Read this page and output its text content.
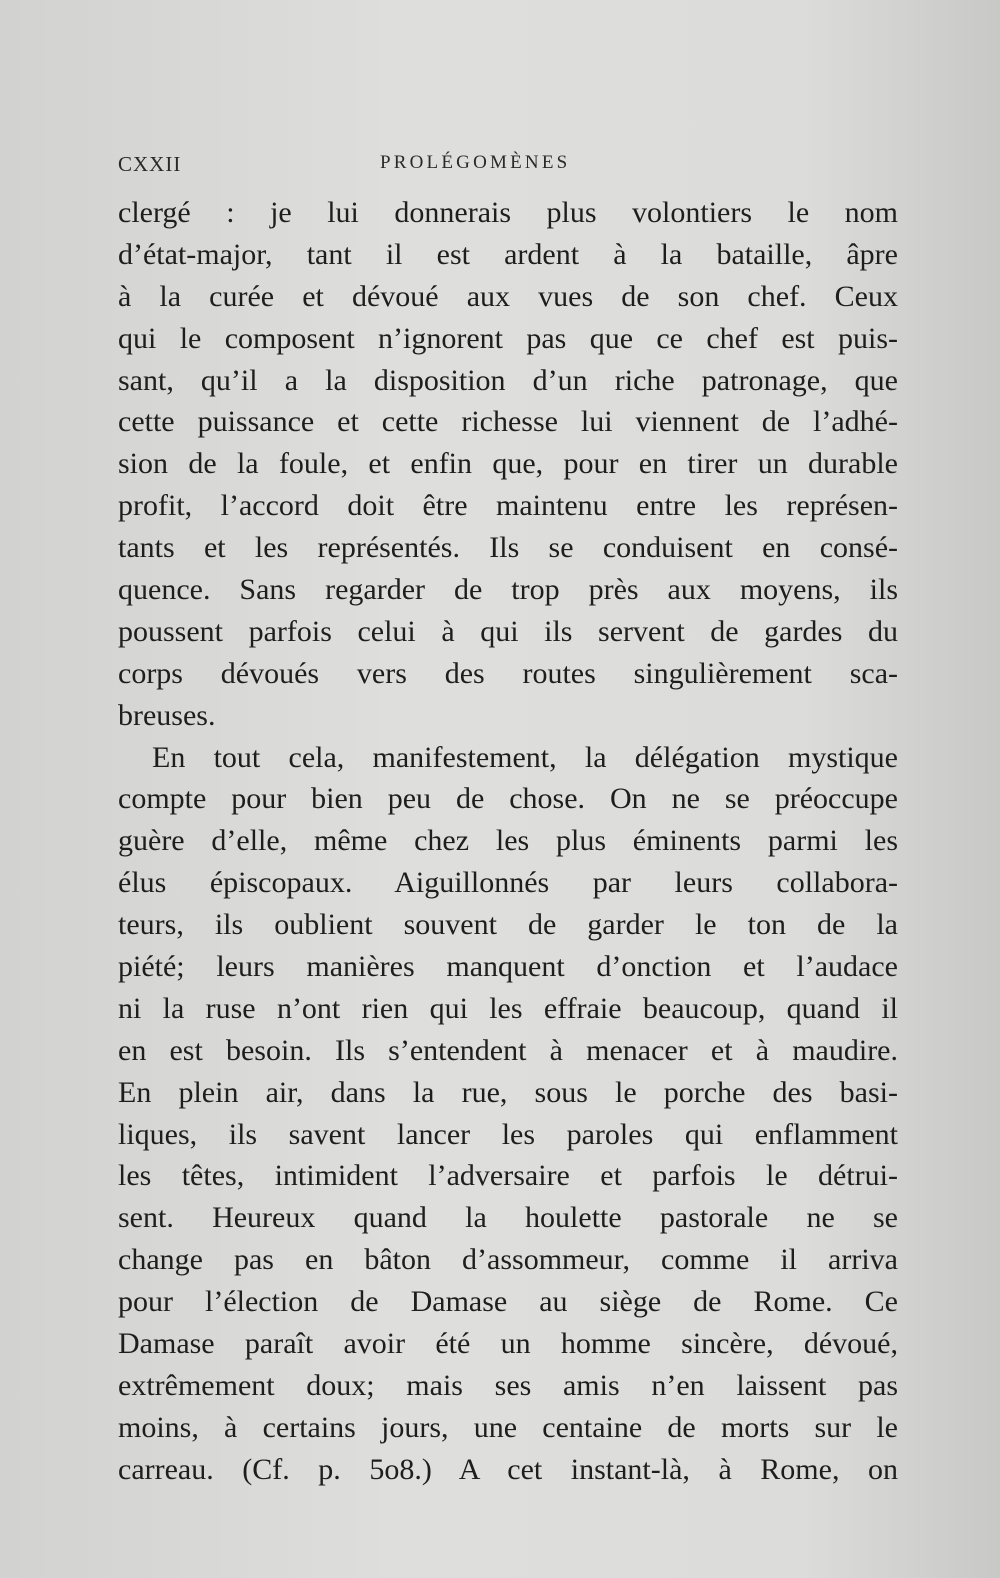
CXXII	PROLÉGOMÈNES
clergé : je lui donnerais plus volontiers le nom
d’état-major, tant il est ardent à la bataille, âpre
à la curée et dévoué aux vues de son chef. Ceux
qui le composent n’ignorent pas que ce chef est puis-
sant, qu’il a la disposition d’un riche patronage, que
cette puissance et cette richesse lui viennent de l’adhé-
sion de la foule, et enfin que, pour en tirer un durable
profit, l’accord doit être maintenu entre les représen-
tants et les représentés. Ils se conduisent en consé-
quence. Sans regarder de trop près aux moyens, ils
poussent parfois celui à qui ils servent de gardes du
corps dévoués vers des routes singulièrement sca-
breuses.
En tout cela, manifestement, la délégation mystique
compte pour bien peu de chose. On ne se préoccupe
guère d’elle, même chez les plus éminents parmi les
élus épiscopaux. Aiguillonnés par leurs collabora-
teurs, ils oublient souvent de garder le ton de la
piété; leurs manières manquent d’onction et l’audace
ni la ruse n’ont rien qui les effraie beaucoup, quand il
en est besoin. Ils s’entendent à menacer et à maudire.
En plein air, dans la rue, sous le porche des basi-
liques, ils savent lancer les paroles qui enflamment
les têtes, intimident l’adversaire et parfois le détrui-
sent. Heureux quand la houlette pastorale ne se
change pas en bâton d’assommeur, comme il arriva
pour l’élection de Damase au siège de Rome. Ce
Damase paraît avoir été un homme sincère, dévoué,
extrêmement doux; mais ses amis n’en laissent pas
moins, à certains jours, une centaine de morts sur le
carreau. (Cf. p. 5o8.) A cet instant-là, à Rome, on
